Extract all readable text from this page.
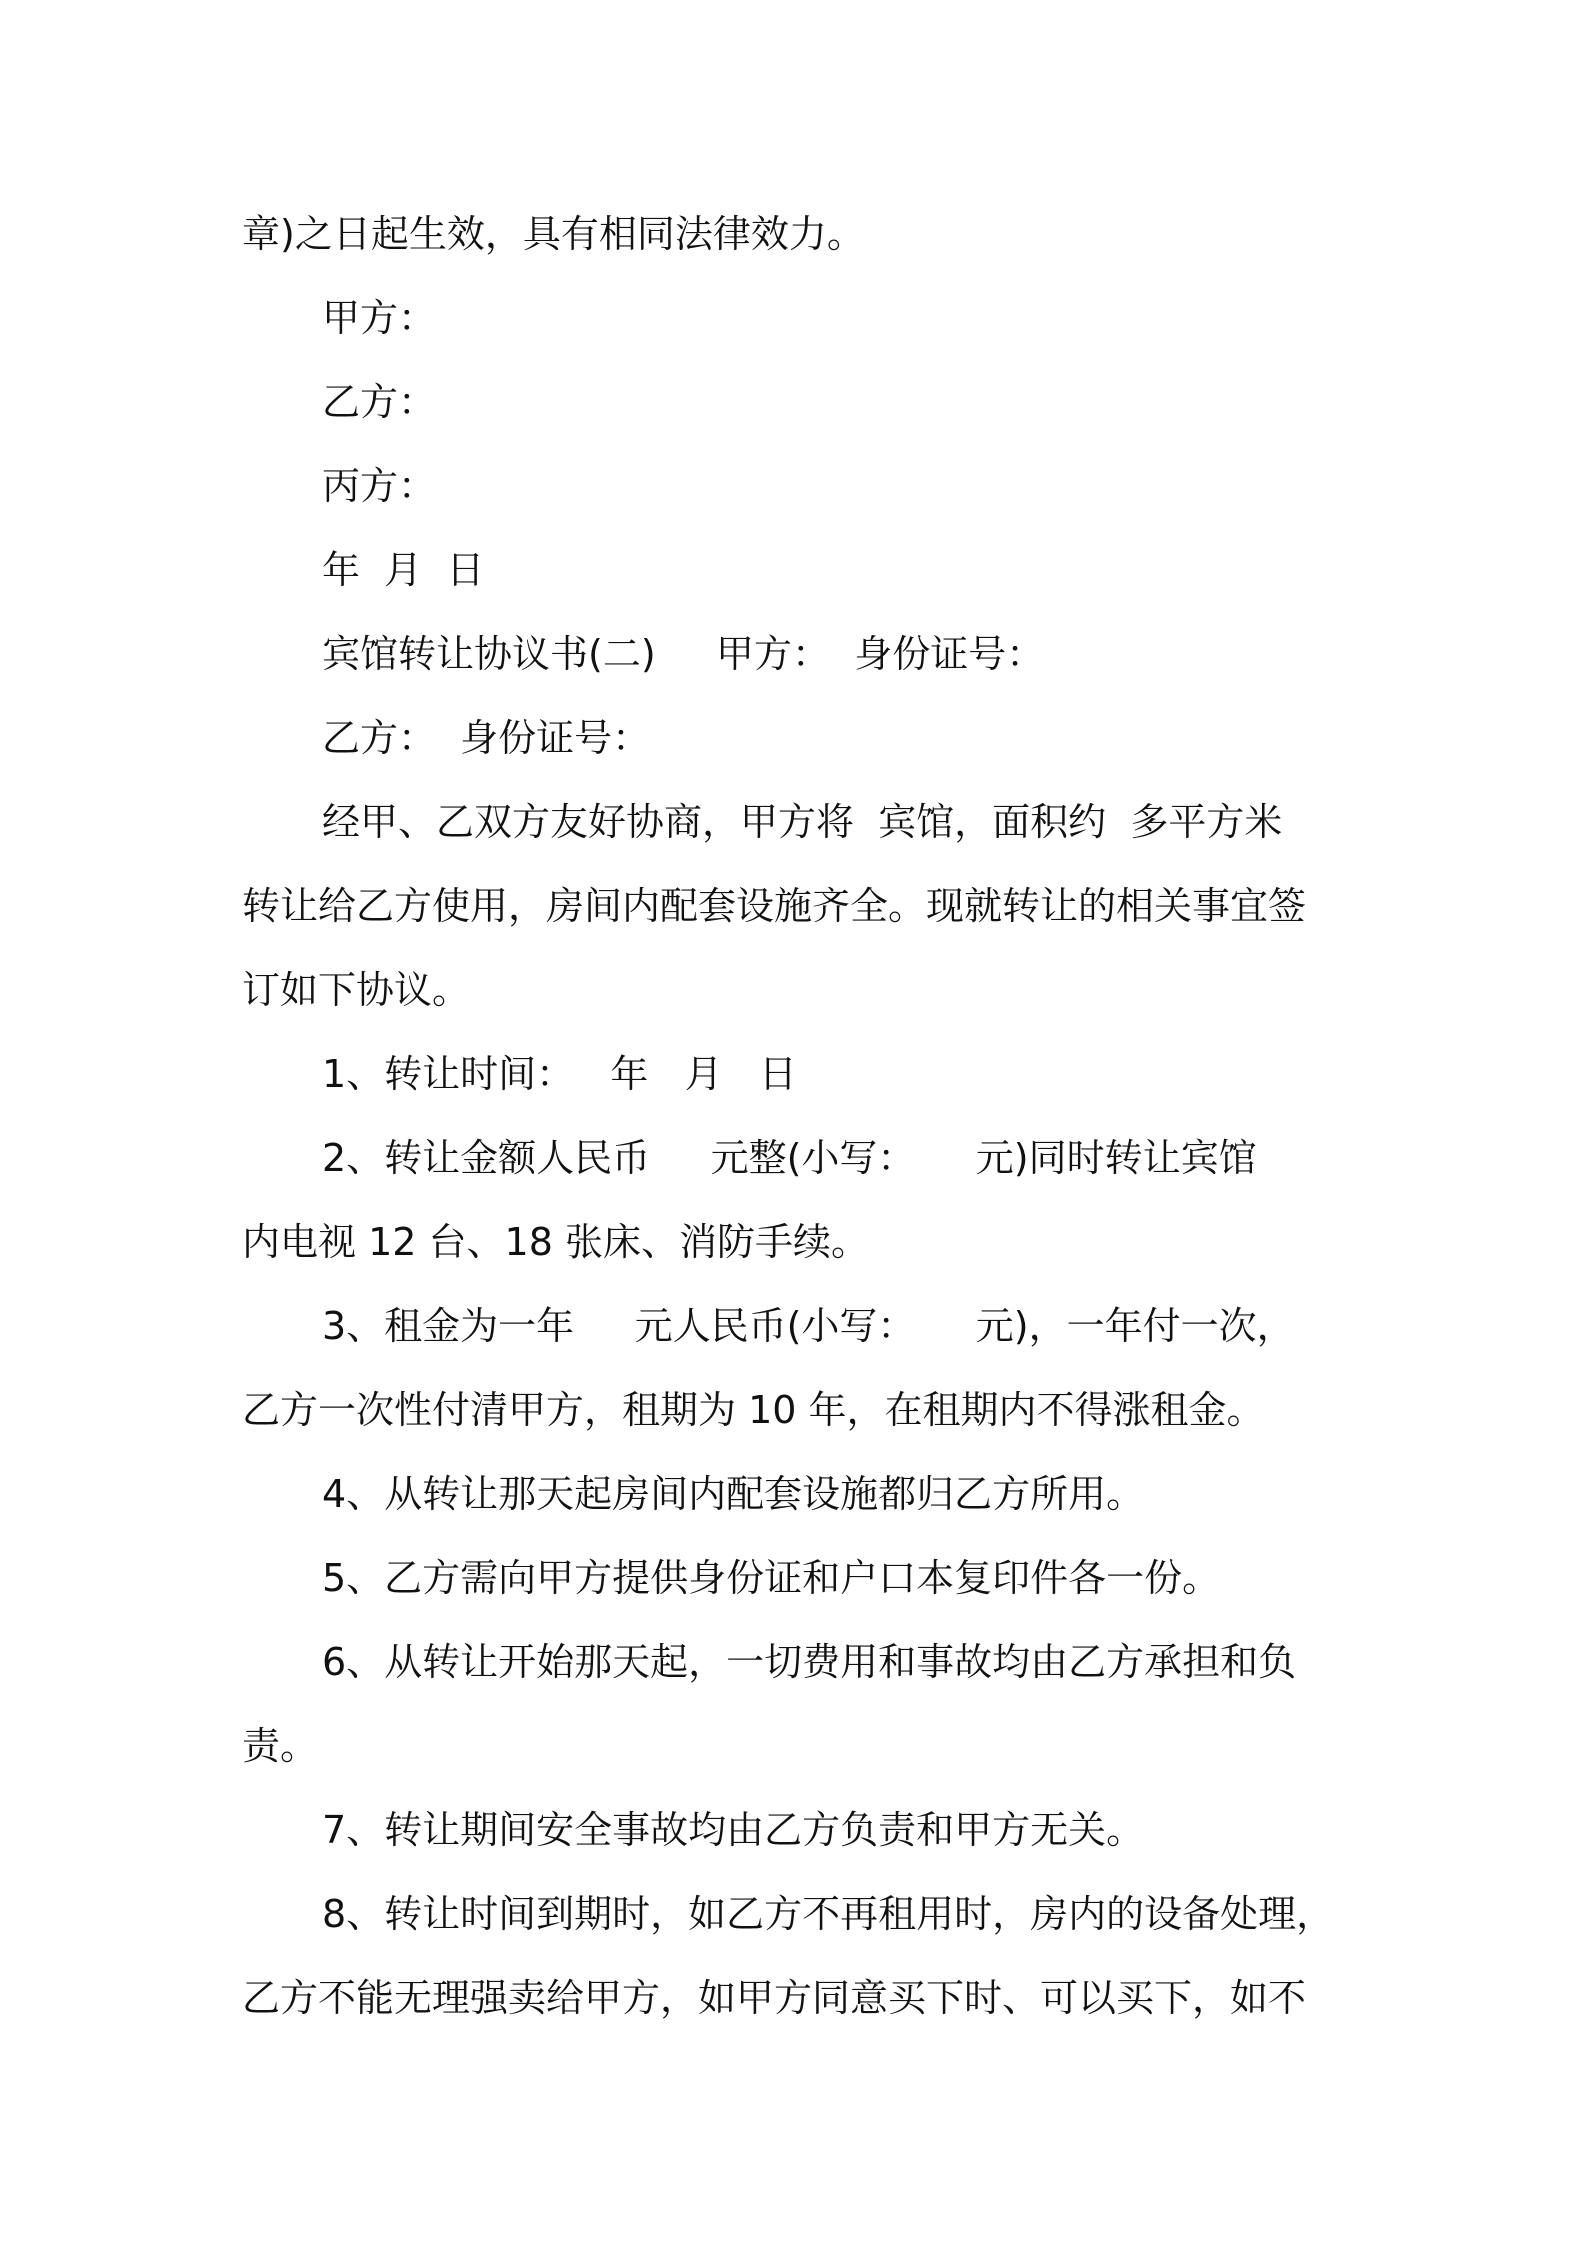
章)之日起生效，具有相同法律效力。
甲方：
乙方：
丙方：
年  月  日
宾馆转让协议书(二)     甲方：  身份证号：
乙方：  身份证号：
经甲、乙双方友好协商，甲方将  宾馆，面积约  多平方米
转让给乙方使用，房间内配套设施齐全。现就转让的相关事宜签
订如下协议。
1、转让时间：   年   月   日
2、转让金额人民币     元整(小写：     元)同时转让宾馆
内电视 12 台、18 张床、消防手续。
3、租金为一年     元人民币(小写：     元)，一年付一次，
乙方一次性付清甲方，租期为 10 年，在租期内不得涨租金。
4、从转让那天起房间内配套设施都归乙方所用。
5、乙方需向甲方提供身份证和户口本复印件各一份。
6、从转让开始那天起，一切费用和事故均由乙方承担和负
责。
7、转让期间安全事故均由乙方负责和甲方无关。
8、转让时间到期时，如乙方不再租用时，房内的设备处理，
乙方不能无理强卖给甲方，如甲方同意买下时、可以买下，如不
